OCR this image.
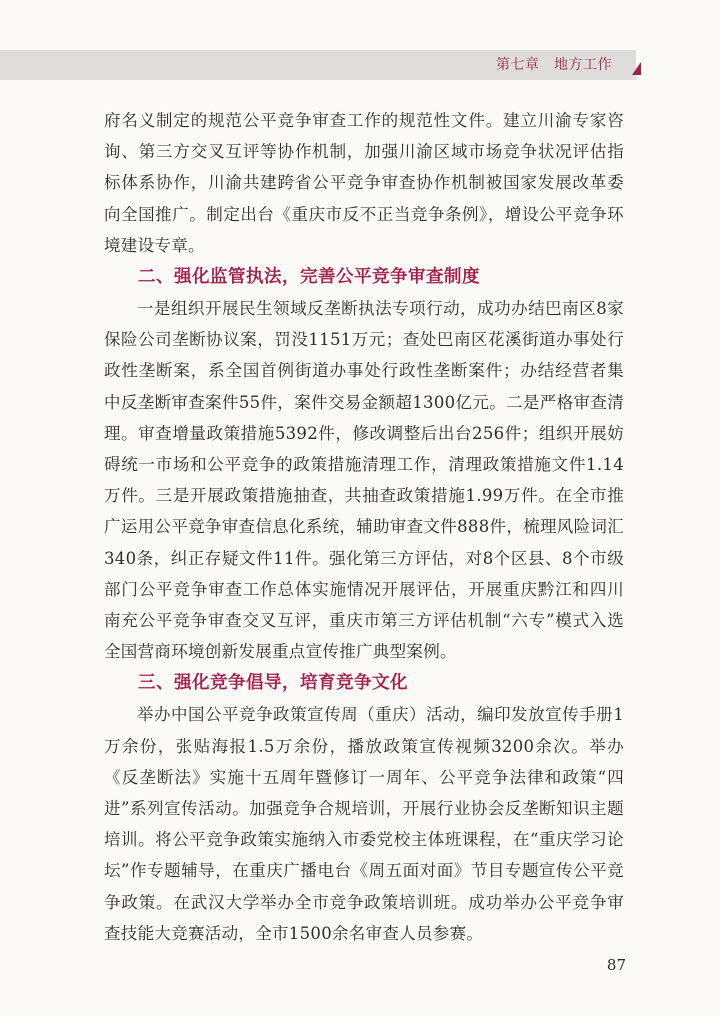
第七章　地方工作

府名义制定的规范公平竞争审查工作的规范性文件。建立川渝专家咨询、第三方交叉互评等协作机制，加强川渝区域市场竞争状况评估指标体系协作，川渝共建跨省公平竞争审查协作机制被国家发展改革委向全国推广。制定出台《重庆市反不正当竞争条例》，增设公平竞争环境建设专章。

二、强化监管执法，完善公平竞争审查制度

一是组织开展民生领域反垄断执法专项行动，成功办结巴南区8家保险公司垄断协议案，罚没1151万元；查处巴南区花溪街道办事处行政性垄断案，系全国首例街道办事处行政性垄断案件；办结经营者集中反垄断审查案件55件，案件交易金额超1300亿元。二是严格审查清理。审查增量政策措施5392件，修改调整后出台256件；组织开展妨碍统一市场和公平竞争的政策措施清理工作，清理政策措施文件1.14万件。三是开展政策措施抽查，共抽查政策措施1.99万件。在全市推广运用公平竞争审查信息化系统，辅助审查文件888件，梳理风险词汇340条，纠正存疑文件11件。强化第三方评估，对8个区县、8个市级部门公平竞争审查工作总体实施情况开展评估，开展重庆黔江和四川南充公平竞争审查交叉互评，重庆市第三方评估机制“六专”模式入选全国营商环境创新发展重点宣传推广典型案例。

三、强化竞争倡导，培育竞争文化

举办中国公平竞争政策宣传周（重庆）活动，编印发放宣传手册1万余份，张贴海报1.5万余份，播放政策宣传视频3200余次。举办《反垄断法》实施十五周年暨修订一周年、公平竞争法律和政策“四进”系列宣传活动。加强竞争合规培训，开展行业协会反垄断知识主题培训。将公平竞争政策实施纳入市委党校主体班课程，在“重庆学习论坛”作专题辅导，在重庆广播电台《周五面对面》节目专题宣传公平竞争政策。在武汉大学举办全市竞争政策培训班。成功举办公平竞争审查技能大竞赛活动，全市1500余名审查人员参赛。

87
